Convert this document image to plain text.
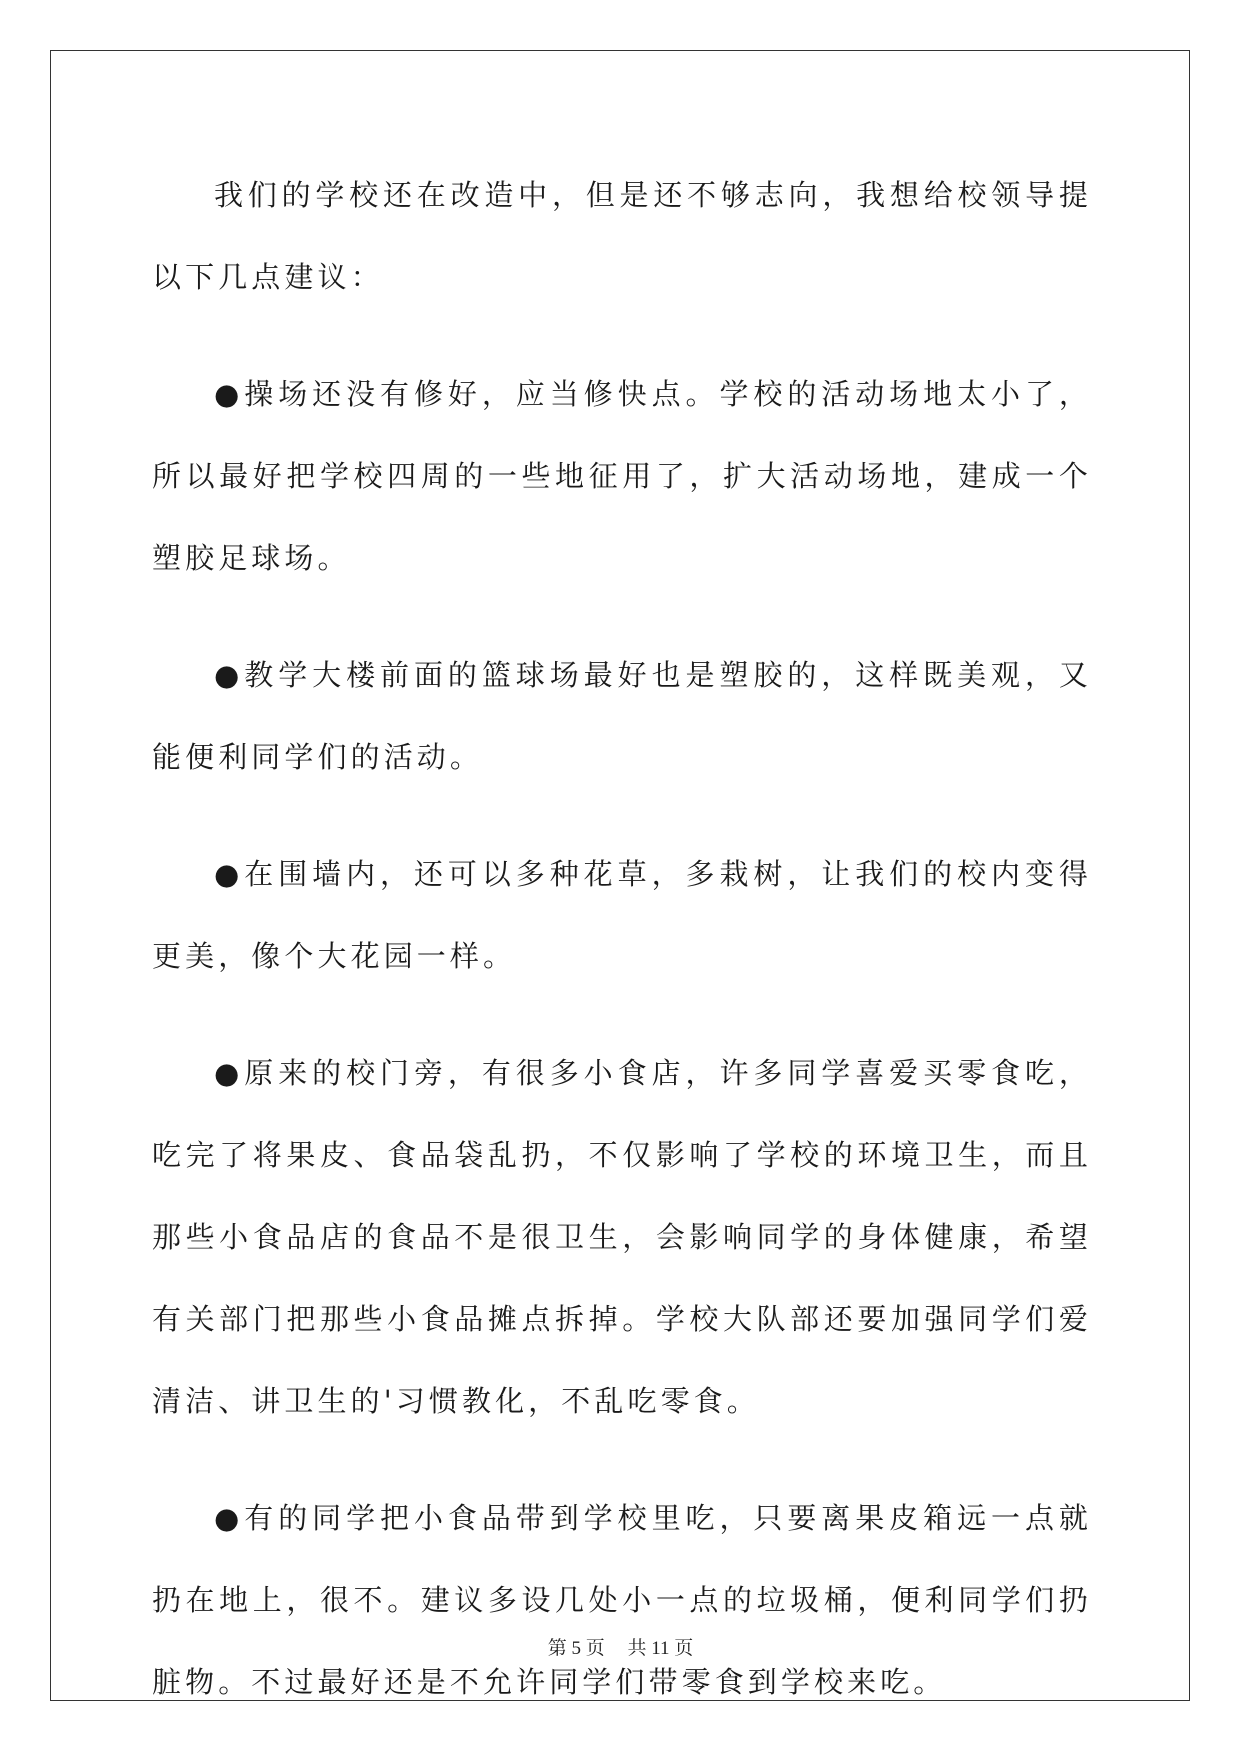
我们的学校还在改造中，但是还不够志向，我想给校领导提以下几点建议：

●操场还没有修好，应当修快点。学校的活动场地太小了，所以最好把学校四周的一些地征用了，扩大活动场地，建成一个塑胶足球场。

●教学大楼前面的篮球场最好也是塑胶的，这样既美观，又能便利同学们的活动。

●在围墙内，还可以多种花草，多栽树，让我们的校内变得更美，像个大花园一样。

●原来的校门旁，有很多小食店，许多同学喜爱买零食吃，吃完了将果皮、食品袋乱扔，不仅影响了学校的环境卫生，而且那些小食品店的食品不是很卫生，会影响同学的身体健康，希望有关部门把那些小食品摊点拆掉。学校大队部还要加强同学们爱清洁、讲卫生的'习惯教化，不乱吃零食。

●有的同学把小食品带到学校里吃，只要离果皮箱远一点就扔在地上，很不。建议多设几处小一点的垃圾桶，便利同学们扔脏物。不过最好还是不允许同学们带零食到学校来吃。

第 5 页 共 11 页
